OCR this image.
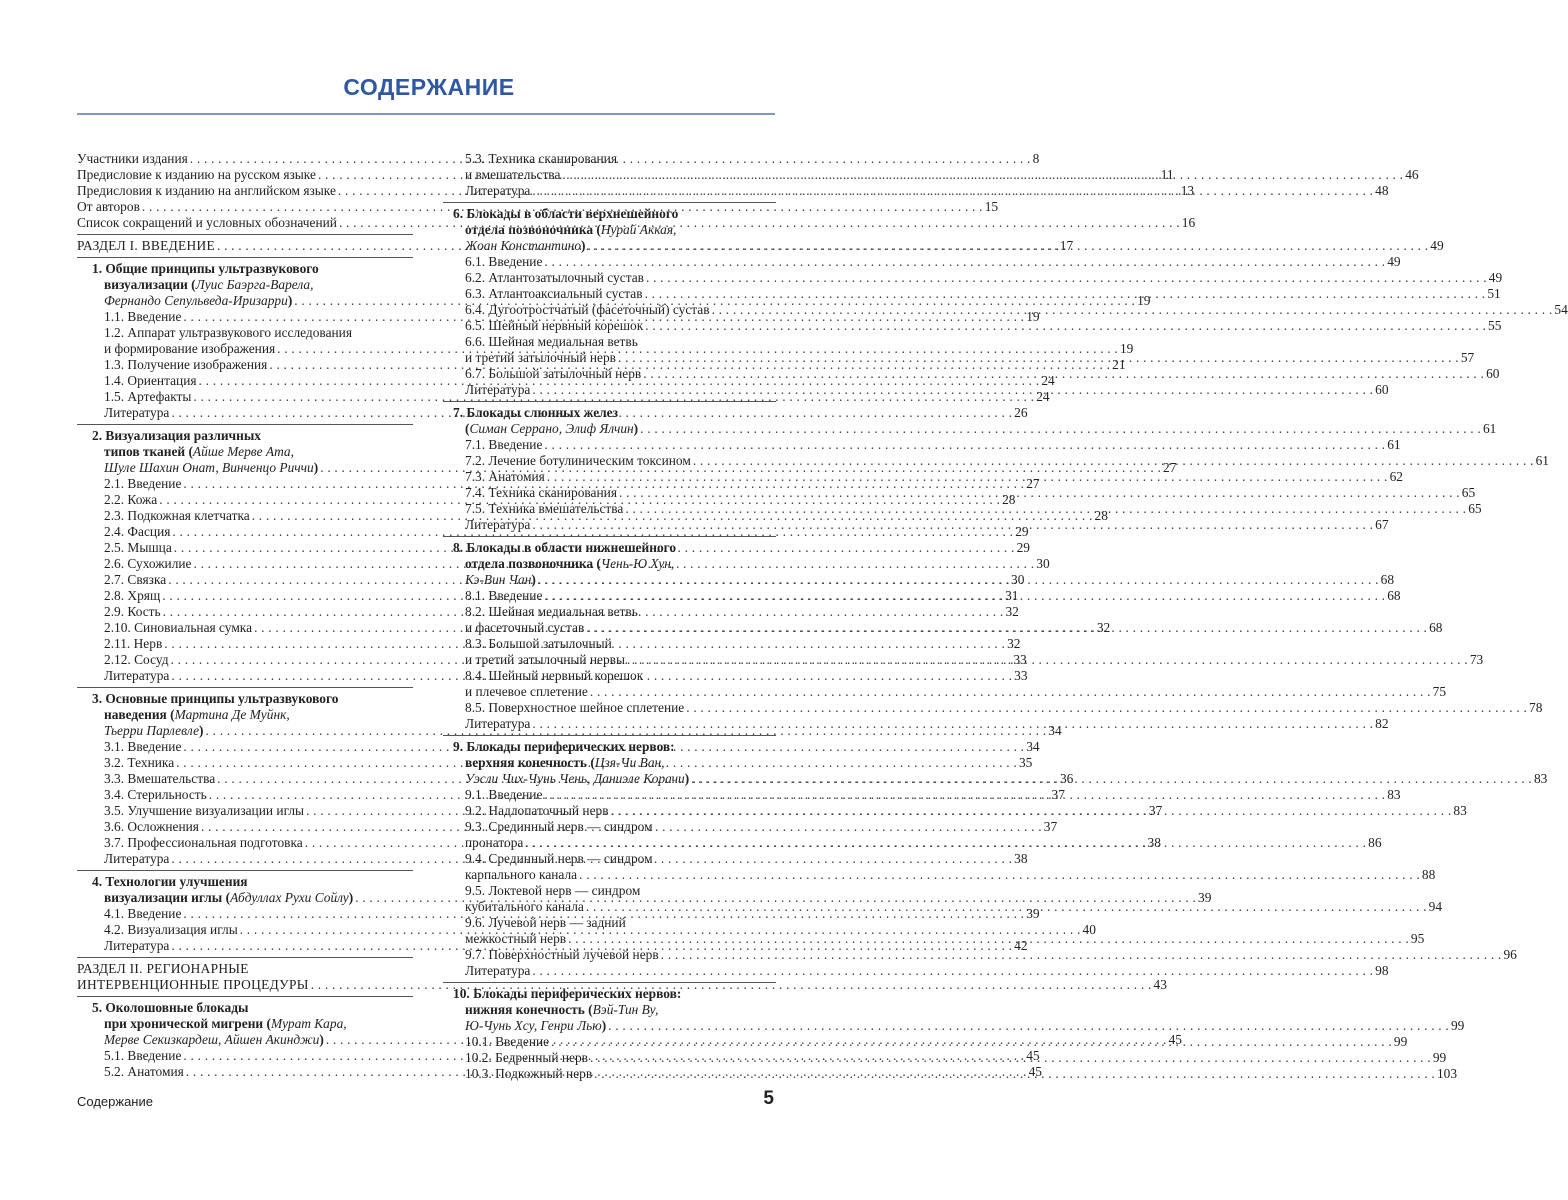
СОДЕРЖАНИЕ
Участники издания . . .	8
Предисловие к изданию на русском языке . . .	11
Предисловия к изданию на английском языке . . .	13
От авторов . . .	15
Список сокращений и условных обозначений . . .	16
РАЗДЕЛ I. ВВЕДЕНИЕ . . .	17
1. Общие принципы ультразвукового
визуализации (Луис Баэрга-Варела,
Фернандо Сепульведа-Иризарри) . . .	19
1.1. Введение . . .	19
1.2. Аппарат ультразвукового исследования
и формирование изображения . . .	19
1.3. Получение изображения . . .	21
1.4. Ориентация . . .	24
1.5. Артефакты . . .	24
Литература . . .	26
2. Визуализация различных
типов тканей (Айше Мерве Ата,
Шуле Шахин Онат, Винченцо Риччи) . . .	27
2.1. Введение . . .	27
2.2. Кожа . . .	28
2.3. Подкожная клетчатка . . .	28
2.4. Фасция . . .	29
2.5. Мышца . . .	29
2.6. Сухожилие . . .	30
2.7. Связка . . .	30
2.8. Хрящ . . .	31
2.9. Кость . . .	32
2.10. Синовиальная сумка . . .	32
2.11. Нерв . . .	32
2.12. Сосуд . . .	33
Литература . . .	33
3. Основные принципы ультразвукового
наведения (Мартина Де Муйнк,
Тьерри Парлевле) . . .	34
3.1. Введение . . .	34
3.2. Техника . . .	35
3.3. Вмешательства . . .	36
3.4. Стерильность . . .	37
3.5. Улучшение визуализации иглы . . .	37
3.6. Осложнения . . .	37
3.7. Профессиональная подготовка . . .	38
Литература . . .	38
4. Технологии улучшения
визуализации иглы (Абдуллах Рухи Сойлу) . . .	39
4.1. Введение . . .	39
4.2. Визуализация иглы . . .	40
Литература . . .	42
РАЗДЕЛ II. РЕГИОНАРНЫЕ
ИНТЕРВЕНЦИОННЫЕ ПРОЦЕДУРЫ . . .	43
5. Околошовные блокады
при хронической мигрени (Мурат Кара,
Мерве Секизкардеш, Айшен Акинджи) . . .	45
5.1. Введение . . .	45
5.2. Анатомия . . .	45
5.3. Техника сканирования
и вмешательства . . .	46
Литература . . .	48
6. Блокады в области верхнешейного
отдела позвоночника (Нурай Аккая,
Жоан Константино) . . .	49
6.1. Введение . . .	49
6.2. Атлантозатылочный сустав . . .	49
6.3. Атлантоаксиальный сустав . . .	51
6.4. Дугоотростчатый (фасеточный) сустав . . .	54
6.5. Шейный нервный корешок . . .	55
6.6. Шейная медиальная ветвь
и третий затылочный нерв . . .	57
6.7. Большой затылочный нерв . . .	60
Литература . . .	60
7. Блокады слюнных желез
(Симан Серрано, Элиф Ялчин) . . .	61
7.1. Введение . . .	61
7.2. Лечение ботулиническим токсином . . .	61
7.3. Анатомия . . .	62
7.4. Техника сканирования . . .	65
7.5. Техника вмешательства . . .	65
Литература . . .	67
8. Блокады в области нижнешейного
отдела позвоночника (Чень-Ю Хун,
Кэ-Вин Чан) . . .	68
8.1. Введение . . .	68
8.2. Шейная медиальная ветвь
и фасеточный сустав . . .	68
8.3. Большой затылочный
и третий затылочный нервы . . .	73
8.4. Шейный нервный корешок
и плечевое сплетение . . .	75
8.5. Поверхностное шейное сплетение . . .	78
Литература . . .	82
9. Блокады периферических нервов:
верхняя конечность (Цзя-Чи Ван,
Уэсли Чих-Чунь Чень, Даниэле Корачи) . . .	83
9.1. Введение . . .	83
9.2. Надлопаточный нерв . . .	83
9.3. Срединный нерв — синдром
пронатора . . .	86
9.4. Срединный нерв — синдром
карпального канала . . .	88
9.5. Локтевой нерв — синдром
кубитального канала . . .	94
9.6. Лучевой нерв — задний
межкостный нерв . . .	95
9.7. Поверхностный лучевой нерв . . .	96
Литература . . .	98
10. Блокады периферических нервов:
нижняя конечность (Вэй-Тин Ву,
Ю-Чунь Хсу, Генри Лью) . . .	99
10.1. Введение . . .	99
10.2. Бедренный нерв . . .	99
10.3. Подкожный нерв . . .	103
Содержание	5
